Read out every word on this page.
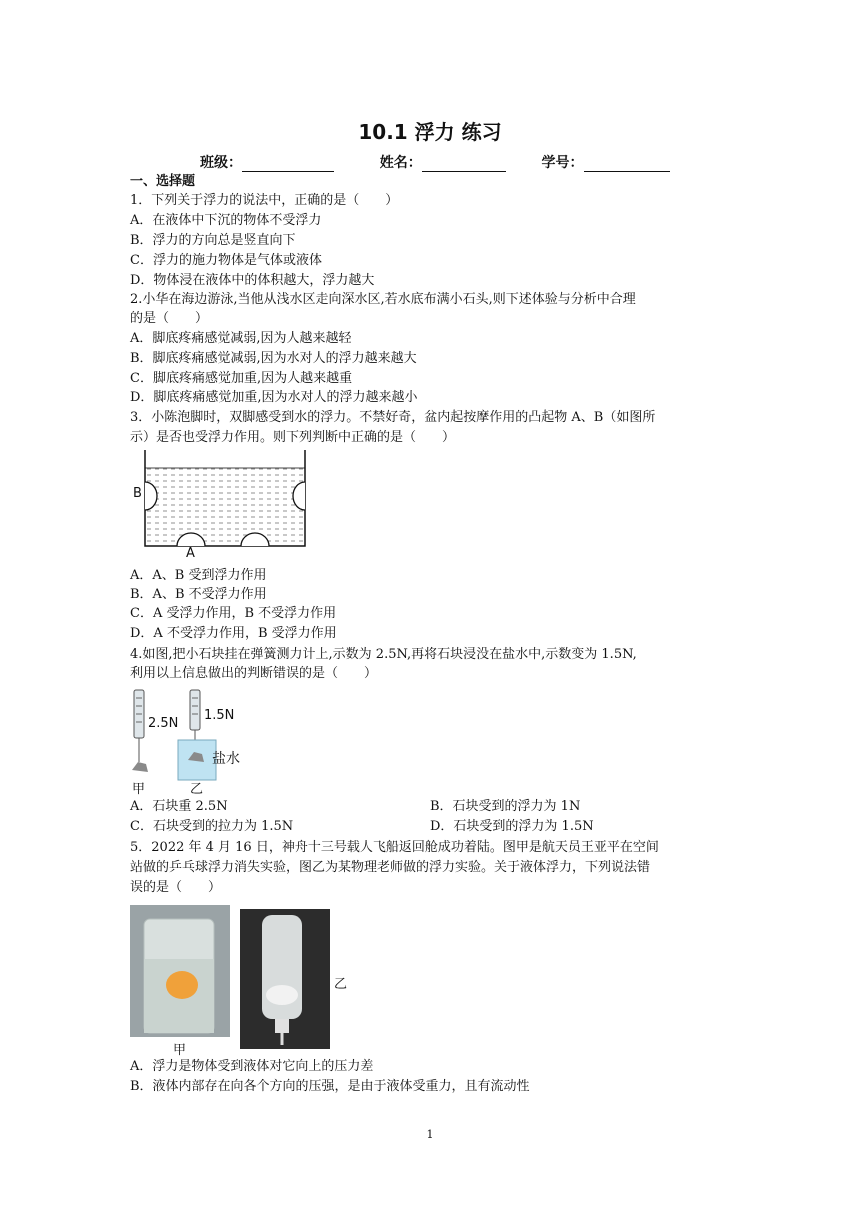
10.1 浮力 练习
班级：	姓名：	学号：
一、选择题
1．下列关于浮力的说法中，正确的是（　　）
A．在液体中下沉的物体不受浮力
B．浮力的方向总是竖直向下
C．浮力的施力物体是气体或液体
D．物体浸在液体中的体积越大，浮力越大
2.小华在海边游泳,当他从浅水区走向深水区,若水底布满小石头,则下述体验与分析中合理
的是（　　）
A．脚底疼痛感觉减弱,因为人越来越轻
B．脚底疼痛感觉减弱,因为水对人的浮力越来越大
C．脚底疼痛感觉加重,因为人越来越重
D．脚底疼痛感觉加重,因为水对人的浮力越来越小
3．小陈泡脚时，双脚感受到水的浮力。不禁好奇，盆内起按摩作用的凸起物 A、B（如图所
示）是否也受浮力作用。则下列判断中正确的是（　　）
B
A
A．A、B 受到浮力作用
B．A、B 不受浮力作用
C．A 受浮力作用，B 不受浮力作用
D．A 不受浮力作用，B 受浮力作用
4.如图,把小石块挂在弹簧测力计上,示数为 2.5N,再将石块浸没在盐水中,示数变为 1.5N,
利用以上信息做出的判断错误的是（　　）
2.5N
1.5N
盐水
甲	乙
A．石块重 2.5N	B．石块受到的浮力为 1N
C．石块受到的拉力为 1.5N	D．石块受到的浮力为 1.5N
5．2022 年 4 月 16 日，神舟十三号载人飞船返回舱成功着陆。图甲是航天员王亚平在空间
站做的乒乓球浮力消失实验，图乙为某物理老师做的浮力实验。关于液体浮力，下列说法错
误的是（　　）
甲
乙
A．浮力是物体受到液体对它向上的压力差
B．液体内部存在向各个方向的压强，是由于液体受重力，且有流动性
1
